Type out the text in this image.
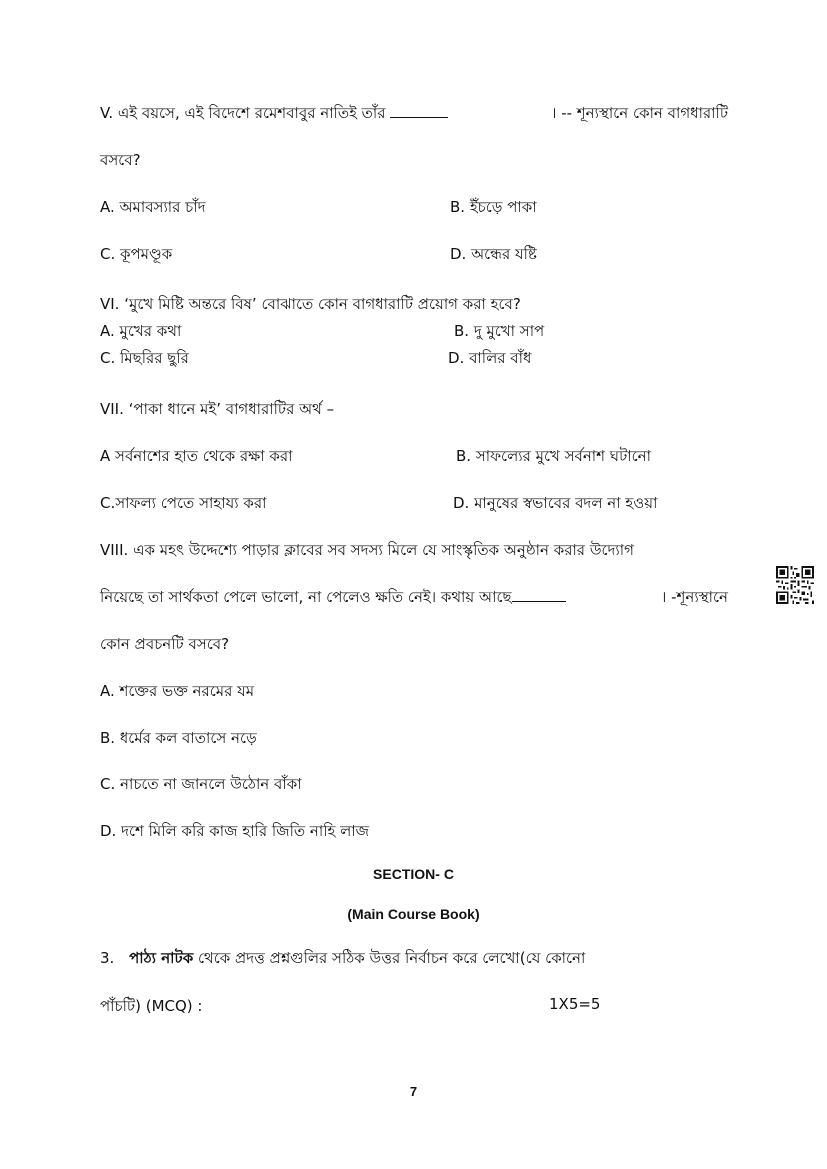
V. এই বয়সে, এই বিদেশে রমেশবাবুর নাতিই তাঁর	। -- শূন্যস্থানে কোন বাগধারাটি
বসবে?
A. অমাবস্যার চাঁদ	B. ইঁচড়ে পাকা
C. কূপমণ্ডূক	D. অন্ধের যষ্টি
VI. ‘মুখে মিষ্টি অন্তরে বিষ’ বোঝাতে কোন বাগধারাটি প্রয়োগ করা হবে?
A. মুখের কথা	B. দু মুখো সাপ
C. মিছরির ছুরি	D. বালির বাঁধ
VII. ‘পাকা ধানে মই’ বাগধারাটির অর্থ –
A সর্বনাশের হাত থেকে রক্ষা করা	B. সাফল্যের মুখে সর্বনাশ ঘটানো
C.সাফল্য পেতে সাহায্য করা	D. মানুষের স্বভাবের বদল না হওয়া
VIII. এক মহৎ উদ্দেশ্যে পাড়ার ক্লাবের সব সদস্য মিলে যে সাংস্কৃতিক অনুষ্ঠান করার উদ্যোগ
নিয়েছে তা সার্থকতা পেলে ভালো, না পেলেও ক্ষতি নেই। কথায় আছে	। -শূন্যস্থানে
কোন প্রবচনটি বসবে?
A. শক্তের ভক্ত নরমের যম
B. ধর্মের কল বাতাসে নড়ে
C. নাচতে না জানলে উঠোন বাঁকা
D. দশে মিলি করি কাজ হারি জিতি নাহি লাজ
SECTION- C
(Main Course Book)
3. পাঠ্য নাটক থেকে প্রদত্ত প্রশ্নগুলির সঠিক উত্তর নির্বাচন করে লেখো(যে কোনো
পাঁচটি) (MCQ) :	1X5=5
7
